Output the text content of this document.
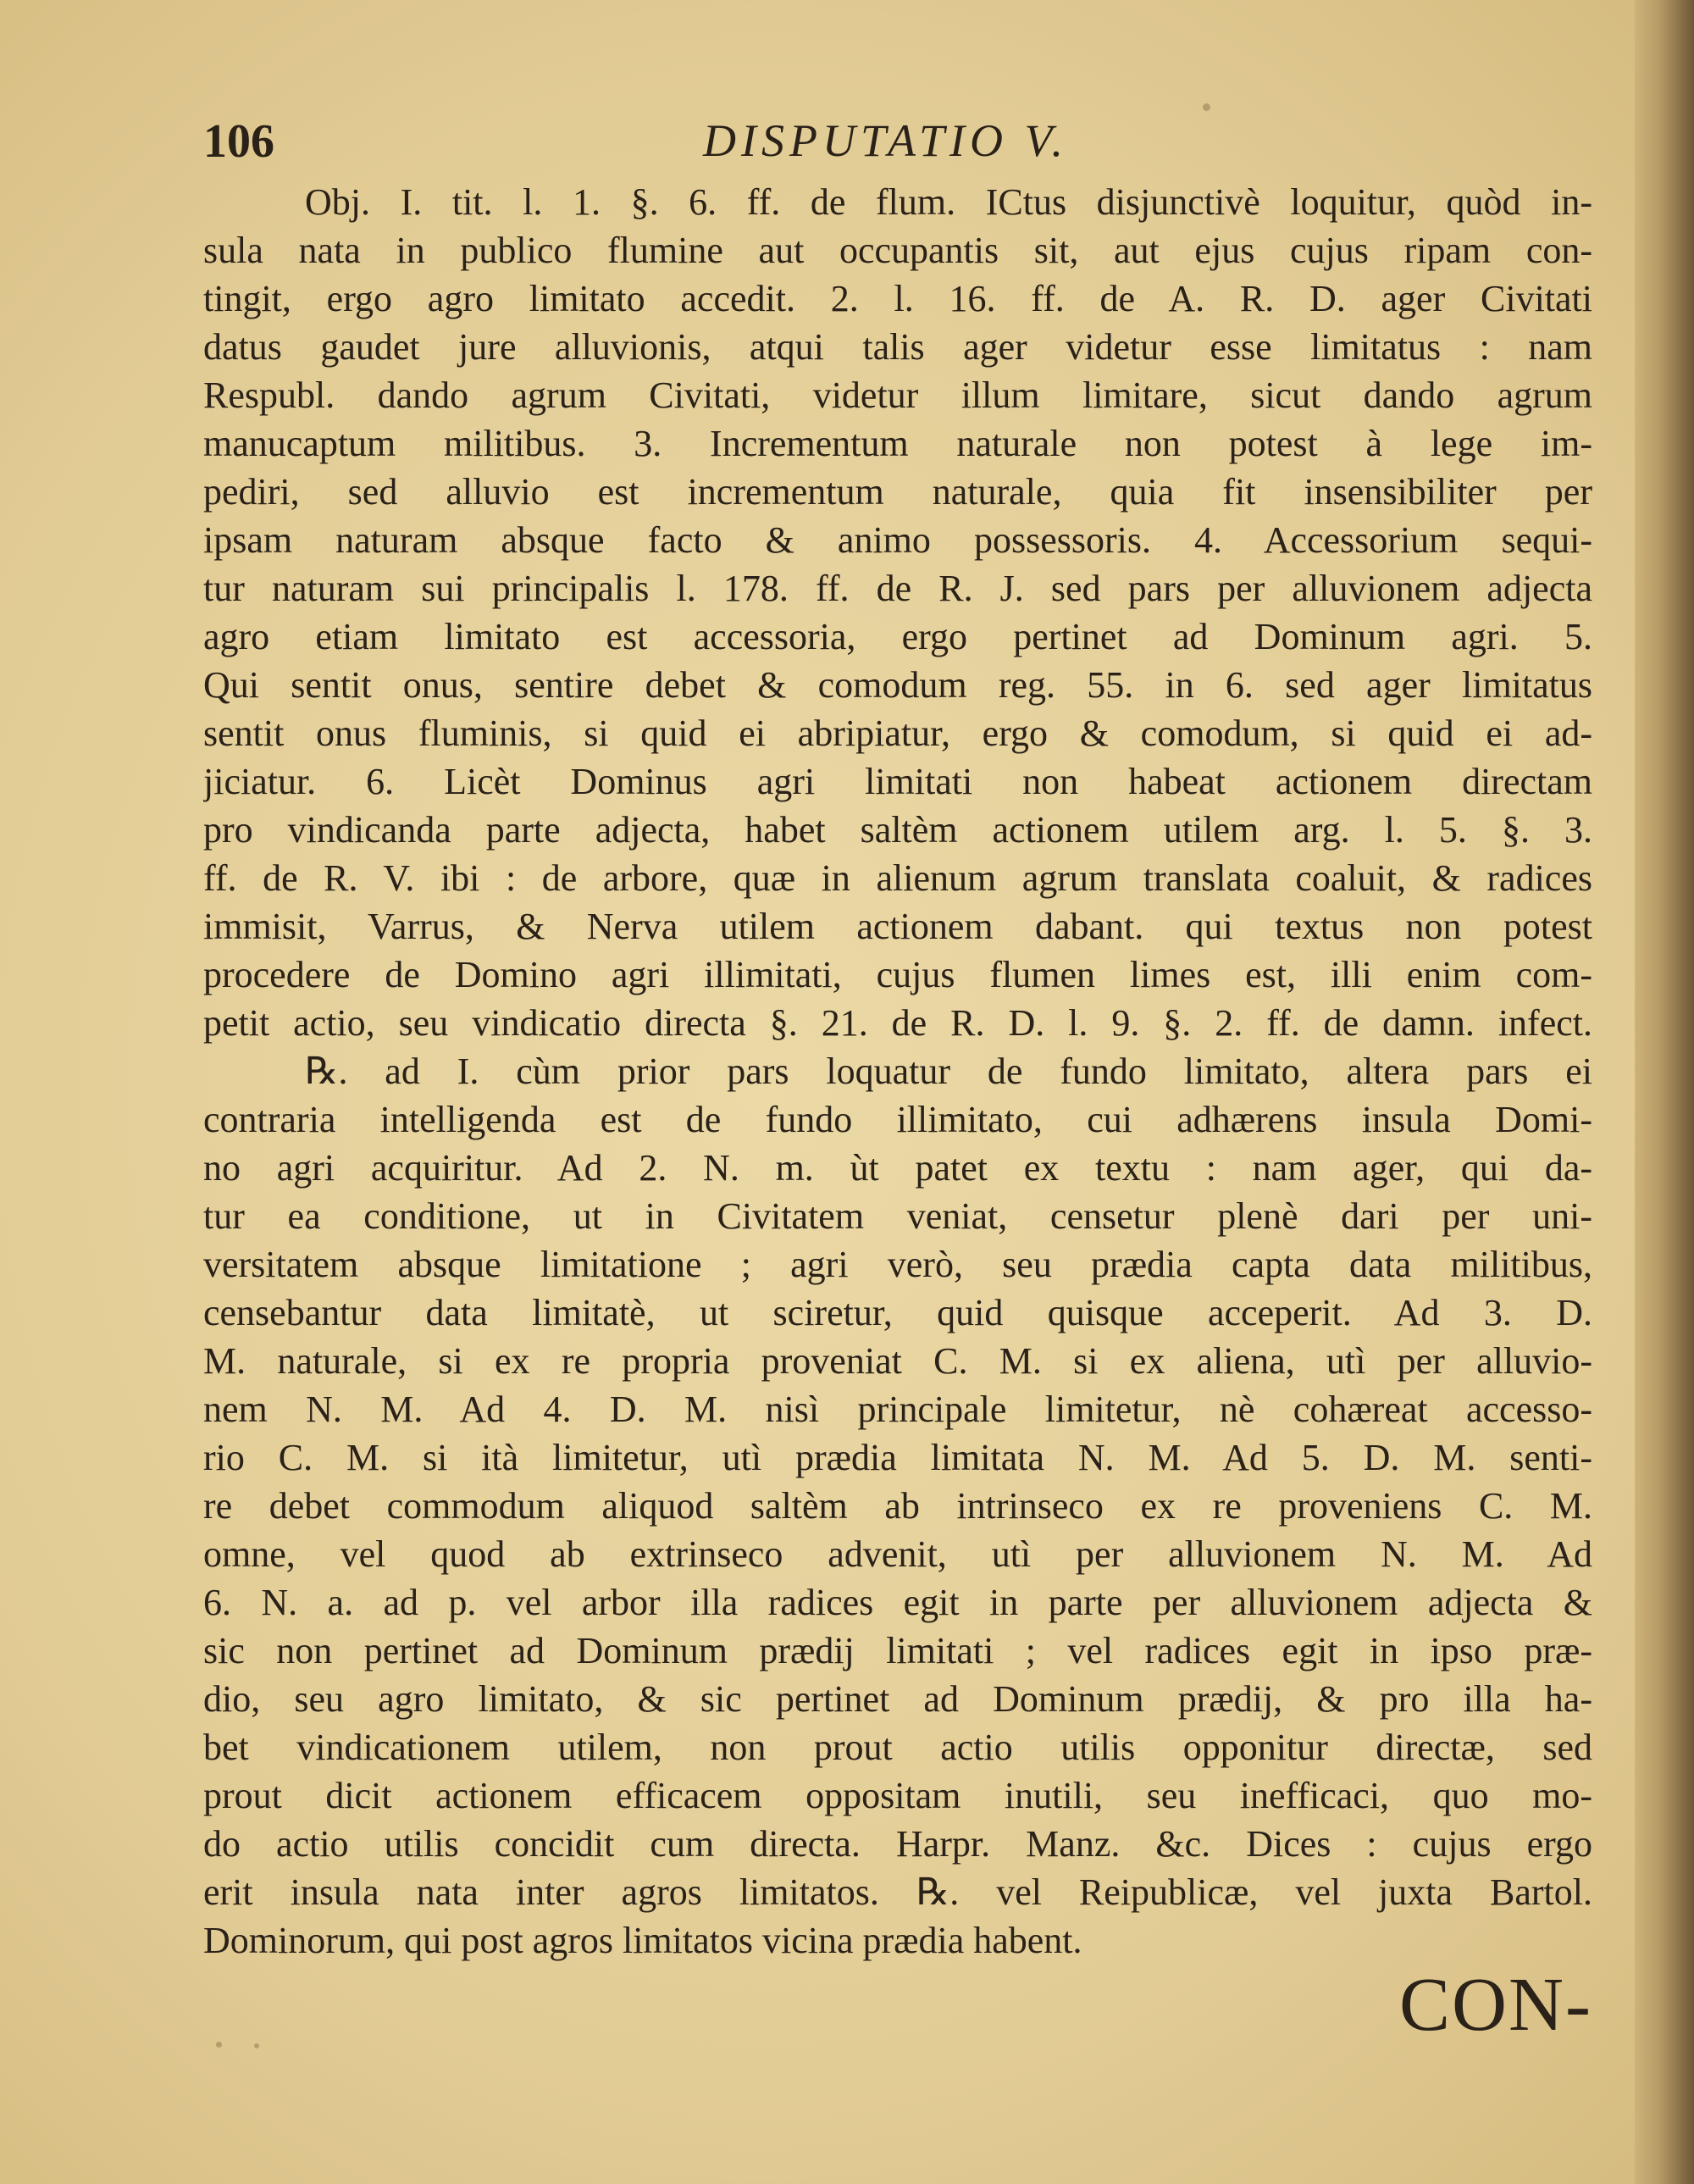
106	DISPUTATIO V.
Obj. I. tit. l. 1. §. 6. ff. de flum. ICtus disjunctivè loquitur, quòd in-
sula nata in publico flumine aut occupantis sit, aut ejus cujus ripam con-
tingit, ergo agro limitato accedit. 2. l. 16. ff. de A. R. D. ager Civitati
datus gaudet jure alluvionis, atqui talis ager videtur esse limitatus : nam
Respubl. dando agrum Civitati, videtur illum limitare, sicut dando agrum
manucaptum militibus. 3. Incrementum naturale non potest à lege im-
pediri, sed alluvio est incrementum naturale, quia fit insensibiliter per
ipsam naturam absque facto & animo possessoris. 4. Accessorium sequi-
tur naturam sui principalis l. 178. ff. de R. J. sed pars per alluvionem adjecta
agro etiam limitato est accessoria, ergo pertinet ad Dominum agri. 5.
Qui sentit onus, sentire debet & comodum reg. 55. in 6. sed ager limitatus
sentit onus fluminis, si quid ei abripiatur, ergo & comodum, si quid ei ad-
jiciatur. 6. Licèt Dominus agri limitati non habeat actionem directam
pro vindicanda parte adjecta, habet saltèm actionem utilem arg. l. 5. §. 3.
ff. de R. V. ibi : de arbore, quæ in alienum agrum translata coaluit, & radices
immisit, Varrus, & Nerva utilem actionem dabant. qui textus non potest
procedere de Domino agri illimitati, cujus flumen limes est, illi enim com-
petit actio, seu vindicatio directa §. 21. de R. D. l. 9. §. 2. ff. de damn. infect.
℞. ad I. cùm prior pars loquatur de fundo limitato, altera pars ei
contraria intelligenda est de fundo illimitato, cui adhærens insula Domi-
no agri acquiritur. Ad 2. N. m. ùt patet ex textu : nam ager, qui da-
tur ea conditione, ut in Civitatem veniat, censetur plenè dari per uni-
versitatem absque limitatione ; agri verò, seu prædia capta data militibus,
censebantur data limitatè, ut sciretur, quid quisque acceperit. Ad 3. D.
M. naturale, si ex re propria proveniat C. M. si ex aliena, utì per alluvio-
nem N. M. Ad 4. D. M. nisì principale limitetur, nè cohæreat accesso-
rio C. M. si ità limitetur, utì prædia limitata N. M. Ad 5. D. M. senti-
re debet commodum aliquod saltèm ab intrinseco ex re proveniens C. M.
omne, vel quod ab extrinseco advenit, utì per alluvionem N. M. Ad
6. N. a. ad p. vel arbor illa radices egit in parte per alluvionem adjecta &
sic non pertinet ad Dominum prædij limitati ; vel radices egit in ipso præ-
dio, seu agro limitato, & sic pertinet ad Dominum prædij, & pro illa ha-
bet vindicationem utilem, non prout actio utilis opponitur directæ, sed
prout dicit actionem efficacem oppositam inutili, seu inefficaci, quo mo-
do actio utilis concidit cum directa. Harpr. Manz. &c. Dices : cujus ergo
erit insula nata inter agros limitatos. ℞. vel Reipublicæ, vel juxta Bartol.
Dominorum, qui post agros limitatos vicina prædia habent.
CON-
